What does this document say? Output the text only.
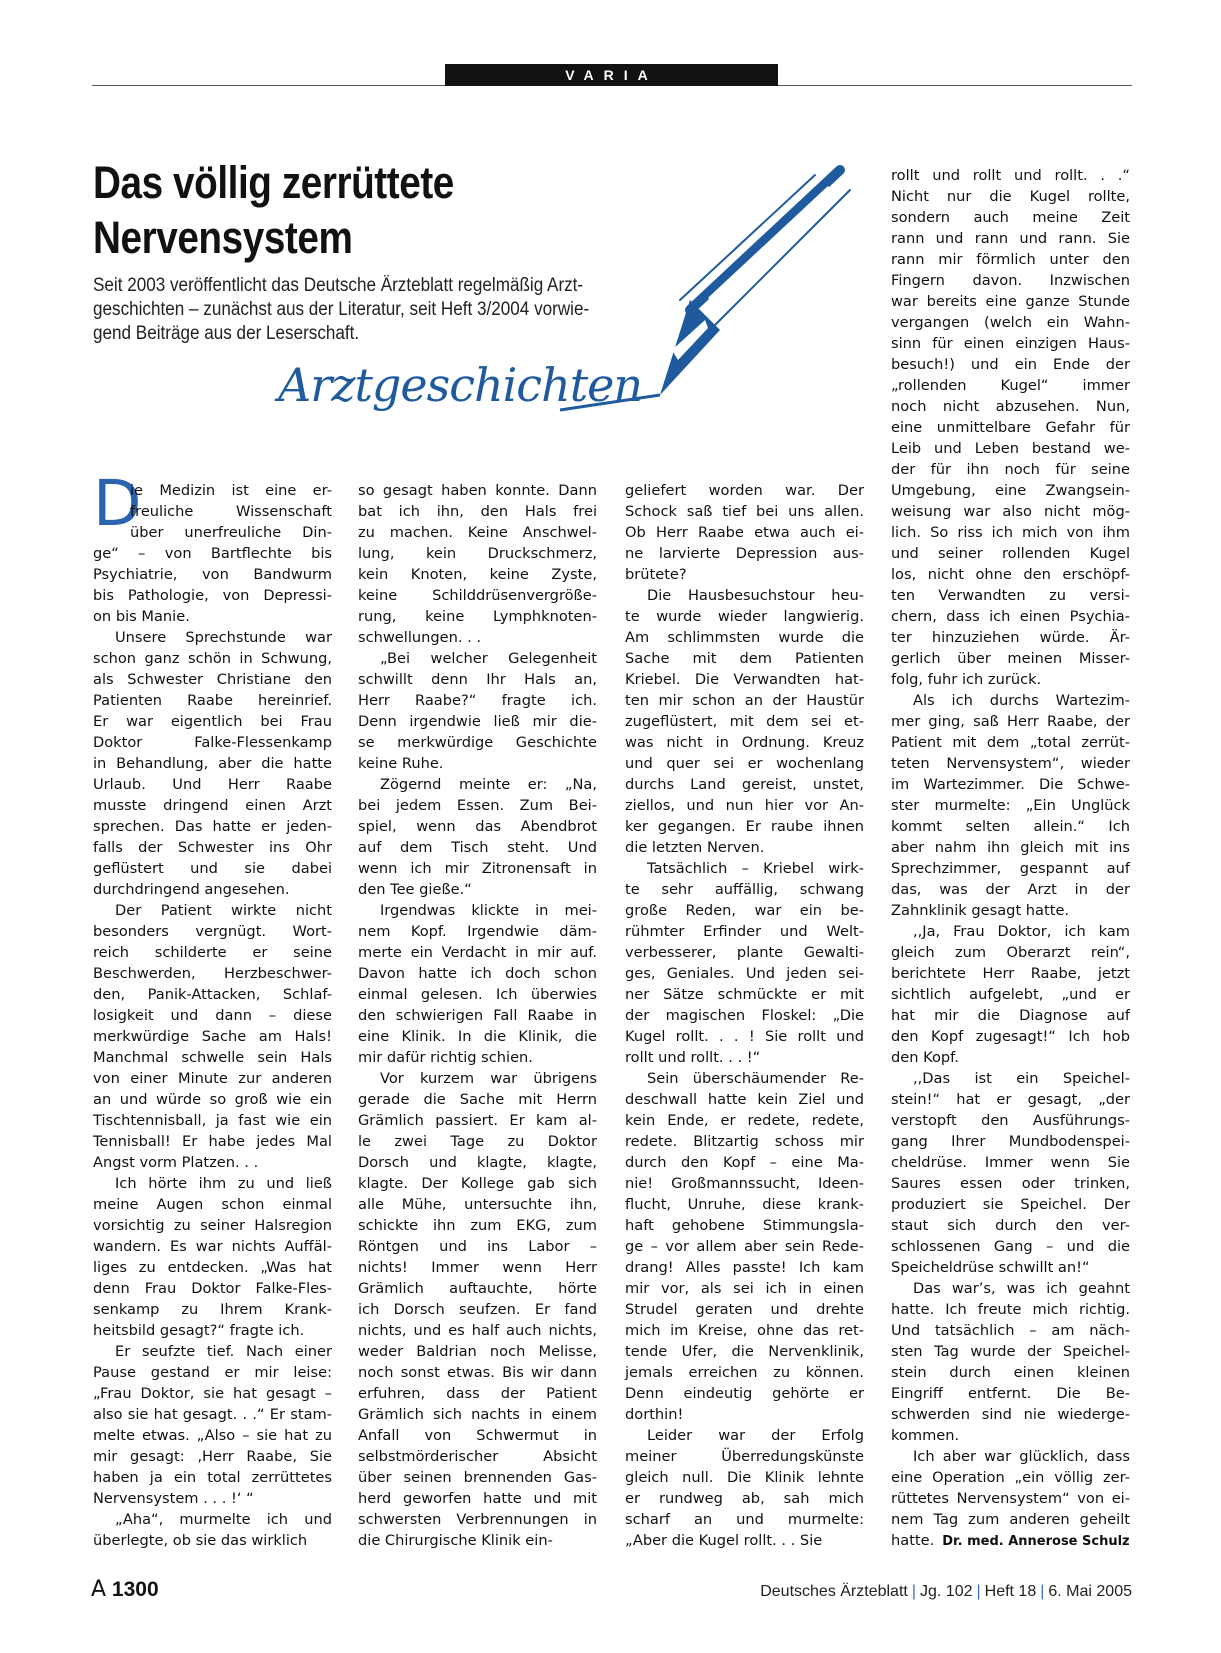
VARIA
Das völlig zerrüttete
Nervensystem
Seit 2003 veröffentlicht das Deutsche Ärzteblatt regelmäßig Arzt-
geschichten – zunächst aus der Literatur, seit Heft 3/2004 vorwie-
gend Beiträge aus der Leserschaft.
Arztgeschichten
D
ie Medizin ist eine er-
freuliche Wissenschaft
über unerfreuliche Din-
ge“ – von Bartflechte bis
Psychiatrie, von Bandwurm
bis Pathologie, von Depressi-
on bis Manie.
Unsere Sprechstunde war
schon ganz schön in Schwung,
als Schwester Christiane den
Patienten Raabe hereinrief.
Er war eigentlich bei Frau
Doktor Falke-Flessenkamp
in Behandlung, aber die hatte
Urlaub. Und Herr Raabe
musste dringend einen Arzt
sprechen. Das hatte er jeden-
falls der Schwester ins Ohr
geflüstert und sie dabei
durchdringend angesehen.
Der Patient wirkte nicht
besonders vergnügt. Wort-
reich schilderte er seine
Beschwerden, Herzbeschwer-
den, Panik-Attacken, Schlaf-
losigkeit und dann – diese
merkwürdige Sache am Hals!
Manchmal schwelle sein Hals
von einer Minute zur anderen
an und würde so groß wie ein
Tischtennisball, ja fast wie ein
Tennisball! Er habe jedes Mal
Angst vorm Platzen. . .
Ich hörte ihm zu und ließ
meine Augen schon einmal
vorsichtig zu seiner Halsregion
wandern. Es war nichts Auffäl-
liges zu entdecken. „Was hat
denn Frau Doktor Falke-Fles-
senkamp zu Ihrem Krank-
heitsbild gesagt?“ fragte ich.
Er seufzte tief. Nach einer
Pause gestand er mir leise:
„Frau Doktor, sie hat gesagt –
also sie hat gesagt. . .“ Er stam-
melte etwas. „Also – sie hat zu
mir gesagt: ‚Herr Raabe, Sie
haben ja ein total zerrüttetes
Nervensystem . . . !‘ “
„Aha“, murmelte ich und
überlegte, ob sie das wirklich
so gesagt haben konnte. Dann
bat ich ihn, den Hals frei
zu machen. Keine Anschwel-
lung, kein Druckschmerz,
kein Knoten, keine Zyste,
keine Schilddrüsenvergröße-
rung, keine Lymphknoten-
schwellungen. . .
„Bei welcher Gelegenheit
schwillt denn Ihr Hals an,
Herr Raabe?“ fragte ich.
Denn irgendwie ließ mir die-
se merkwürdige Geschichte
keine Ruhe.
Zögernd meinte er: „Na,
bei jedem Essen. Zum Bei-
spiel, wenn das Abendbrot
auf dem Tisch steht. Und
wenn ich mir Zitronensaft in
den Tee gieße.“
Irgendwas klickte in mei-
nem Kopf. Irgendwie däm-
merte ein Verdacht in mir auf.
Davon hatte ich doch schon
einmal gelesen. Ich überwies
den schwierigen Fall Raabe in
eine Klinik. In die Klinik, die
mir dafür richtig schien.
Vor kurzem war übrigens
gerade die Sache mit Herrn
Grämlich passiert. Er kam al-
le zwei Tage zu Doktor
Dorsch und klagte, klagte,
klagte. Der Kollege gab sich
alle Mühe, untersuchte ihn,
schickte ihn zum EKG, zum
Röntgen und ins Labor –
nichts! Immer wenn Herr
Grämlich auftauchte, hörte
ich Dorsch seufzen. Er fand
nichts, und es half auch nichts,
weder Baldrian noch Melisse,
noch sonst etwas. Bis wir dann
erfuhren, dass der Patient
Grämlich sich nachts in einem
Anfall von Schwermut in
selbstmörderischer Absicht
über seinen brennenden Gas-
herd geworfen hatte und mit
schwersten Verbrennungen in
die Chirurgische Klinik ein-
geliefert worden war. Der
Schock saß tief bei uns allen.
Ob Herr Raabe etwa auch ei-
ne larvierte Depression aus-
brütete?
Die Hausbesuchstour heu-
te wurde wieder langwierig.
Am schlimmsten wurde die
Sache mit dem Patienten
Kriebel. Die Verwandten hat-
ten mir schon an der Haustür
zugeflüstert, mit dem sei et-
was nicht in Ordnung. Kreuz
und quer sei er wochenlang
durchs Land gereist, unstet,
ziellos, und nun hier vor An-
ker gegangen. Er raube ihnen
die letzten Nerven.
Tatsächlich – Kriebel wirk-
te sehr auffällig, schwang
große Reden, war ein be-
rühmter Erfinder und Welt-
verbesserer, plante Gewalti-
ges, Geniales. Und jeden sei-
ner Sätze schmückte er mit
der magischen Floskel: „Die
Kugel rollt. . . ! Sie rollt und
rollt und rollt. . . !“
Sein überschäumender Re-
deschwall hatte kein Ziel und
kein Ende, er redete, redete,
redete. Blitzartig schoss mir
durch den Kopf – eine Ma-
nie! Großmannssucht, Ideen-
flucht, Unruhe, diese krank-
haft gehobene Stimmungsla-
ge – vor allem aber sein Rede-
drang! Alles passte! Ich kam
mir vor, als sei ich in einen
Strudel geraten und drehte
mich im Kreise, ohne das ret-
tende Ufer, die Nervenklinik,
jemals erreichen zu können.
Denn eindeutig gehörte er
dorthin!
Leider war der Erfolg
meiner Überredungskünste
gleich null. Die Klinik lehnte
er rundweg ab, sah mich
scharf an und murmelte:
„Aber die Kugel rollt. . . Sie
rollt und rollt und rollt. . .“
Nicht nur die Kugel rollte,
sondern auch meine Zeit
rann und rann und rann. Sie
rann mir förmlich unter den
Fingern davon. Inzwischen
war bereits eine ganze Stunde
vergangen (welch ein Wahn-
sinn für einen einzigen Haus-
besuch!) und ein Ende der
„rollenden Kugel“ immer
noch nicht abzusehen. Nun,
eine unmittelbare Gefahr für
Leib und Leben bestand we-
der für ihn noch für seine
Umgebung, eine Zwangsein-
weisung war also nicht mög-
lich. So riss ich mich von ihm
und seiner rollenden Kugel
los, nicht ohne den erschöpf-
ten Verwandten zu versi-
chern, dass ich einen Psychia-
ter hinzuziehen würde. Är-
gerlich über meinen Misser-
folg, fuhr ich zurück.
Als ich durchs Wartezim-
mer ging, saß Herr Raabe, der
Patient mit dem „total zerrüt-
teten Nervensystem“, wieder
im Wartezimmer. Die Schwe-
ster murmelte: „Ein Unglück
kommt selten allein.“ Ich
aber nahm ihn gleich mit ins
Sprechzimmer, gespannt auf
das, was der Arzt in der
Zahnklinik gesagt hatte.
,,Ja, Frau Doktor, ich kam
gleich zum Oberarzt rein“,
berichtete Herr Raabe, jetzt
sichtlich aufgelebt, „und er
hat mir die Diagnose auf
den Kopf zugesagt!“ Ich hob
den Kopf.
,,Das ist ein Speichel-
stein!“ hat er gesagt, „der
verstopft den Ausführungs-
gang Ihrer Mundbodenspei-
cheldrüse. Immer wenn Sie
Saures essen oder trinken,
produziert sie Speichel. Der
staut sich durch den ver-
schlossenen Gang – und die
Speicheldrüse schwillt an!“
Das war’s, was ich geahnt
hatte. Ich freute mich richtig.
Und tatsächlich – am näch-
sten Tag wurde der Speichel-
stein durch einen kleinen
Eingriff entfernt. Die Be-
schwerden sind nie wiederge-
kommen.
Ich aber war glücklich, dass
eine Operation „ein völlig zer-
rüttetes Nervensystem“ von ei-
nem Tag zum anderen geheilt
hatte. Dr. med. Annerose Schulz
A 1300	Deutsches Ärzteblatt | Jg. 102 | Heft 18 | 6. Mai 2005
